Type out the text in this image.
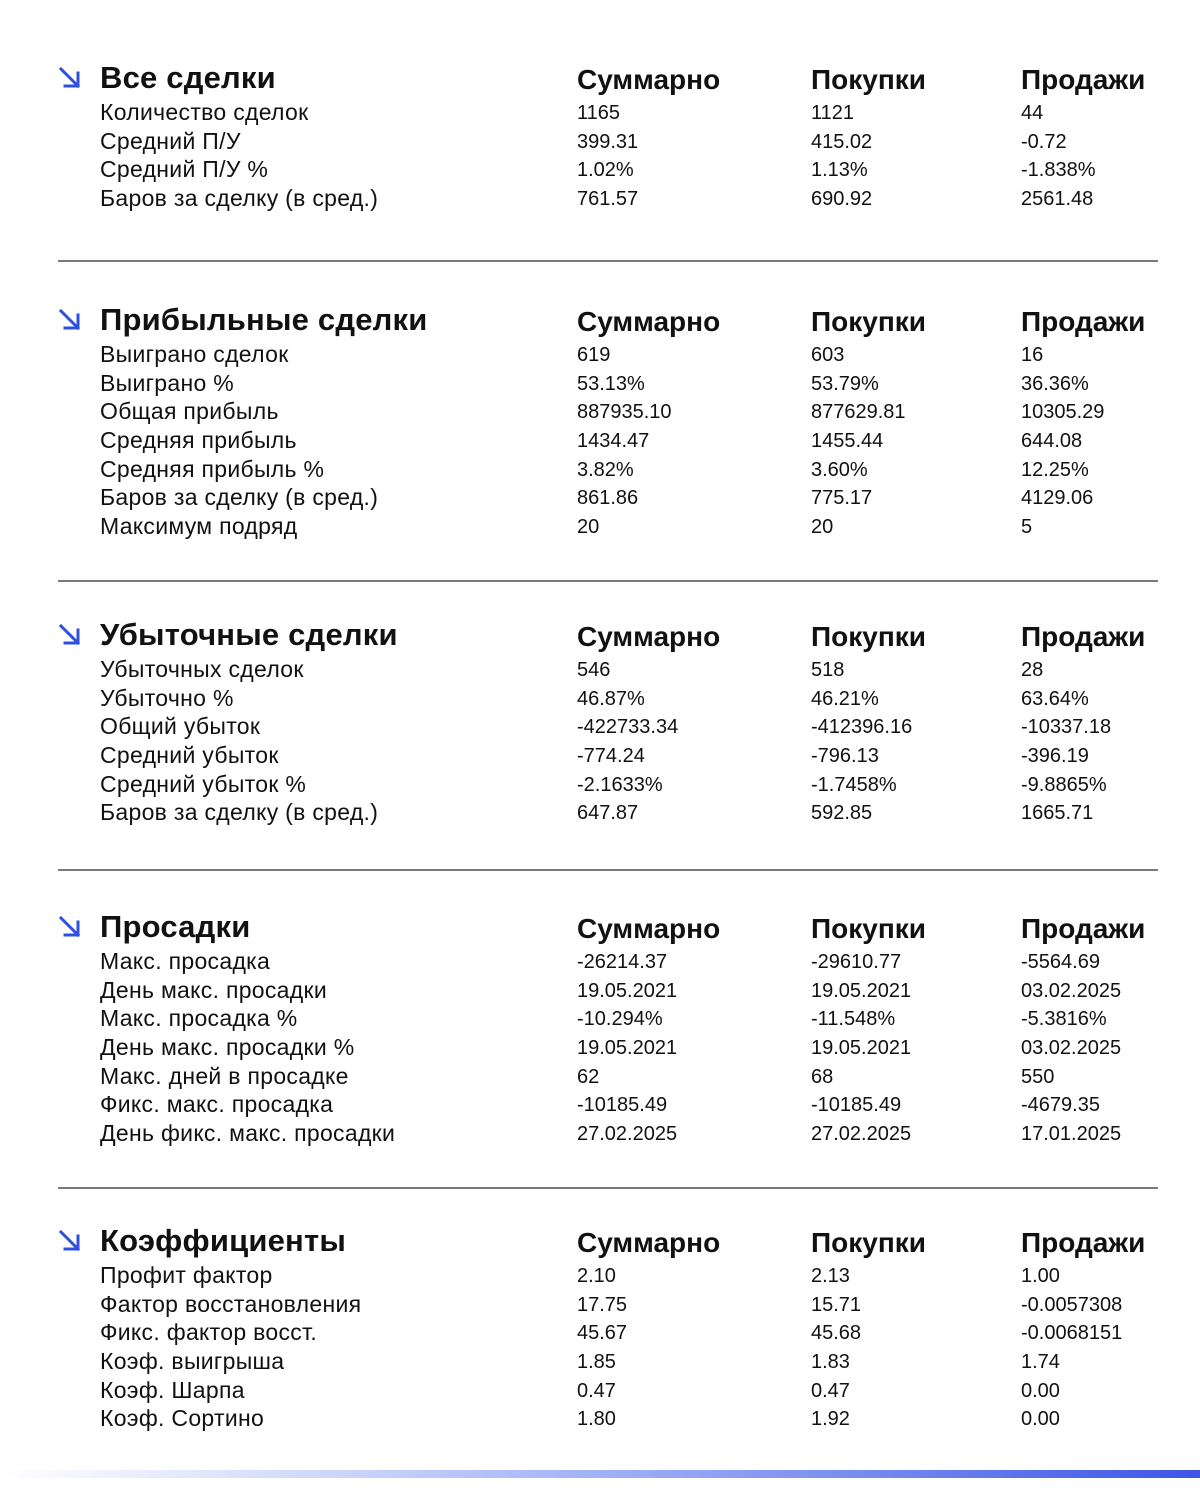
Все сделки	Суммарно	Покупки	Продажи
Количество сделок	1165	1121	44
Средний П/У	399.31	415.02	-0.72
Средний П/У %	1.02%	1.13%	-1.838%
Баров за сделку (в сред.)	761.57	690.92	2561.48
Прибыльные сделки	Суммарно	Покупки	Продажи
Выиграно сделок	619	603	16
Выиграно %	53.13%	53.79%	36.36%
Общая прибыль	887935.10	877629.81	10305.29
Средняя прибыль	1434.47	1455.44	644.08
Средняя прибыль %	3.82%	3.60%	12.25%
Баров за сделку (в сред.)	861.86	775.17	4129.06
Максимум подряд	20	20	5
Убыточные сделки	Суммарно	Покупки	Продажи
Убыточных сделок	546	518	28
Убыточно %	46.87%	46.21%	63.64%
Общий убыток	-422733.34	-412396.16	-10337.18
Средний убыток	-774.24	-796.13	-396.19
Средний убыток %	-2.1633%	-1.7458%	-9.8865%
Баров за сделку (в сред.)	647.87	592.85	1665.71
Просадки	Суммарно	Покупки	Продажи
Макс. просадка	-26214.37	-29610.77	-5564.69
День макс. просадки	19.05.2021	19.05.2021	03.02.2025
Макс. просадка %	-10.294%	-11.548%	-5.3816%
День макс. просадки %	19.05.2021	19.05.2021	03.02.2025
Макс. дней в просадке	62	68	550
Фикс. макс. просадка	-10185.49	-10185.49	-4679.35
День фикс. макс. просадки	27.02.2025	27.02.2025	17.01.2025
Коэффициенты	Суммарно	Покупки	Продажи
Профит фактор	2.10	2.13	1.00
Фактор восстановления	17.75	15.71	-0.0057308
Фикс. фактор восст.	45.67	45.68	-0.0068151
Коэф. выигрыша	1.85	1.83	1.74
Коэф. Шарпа	0.47	0.47	0.00
Коэф. Сортино	1.80	1.92	0.00
